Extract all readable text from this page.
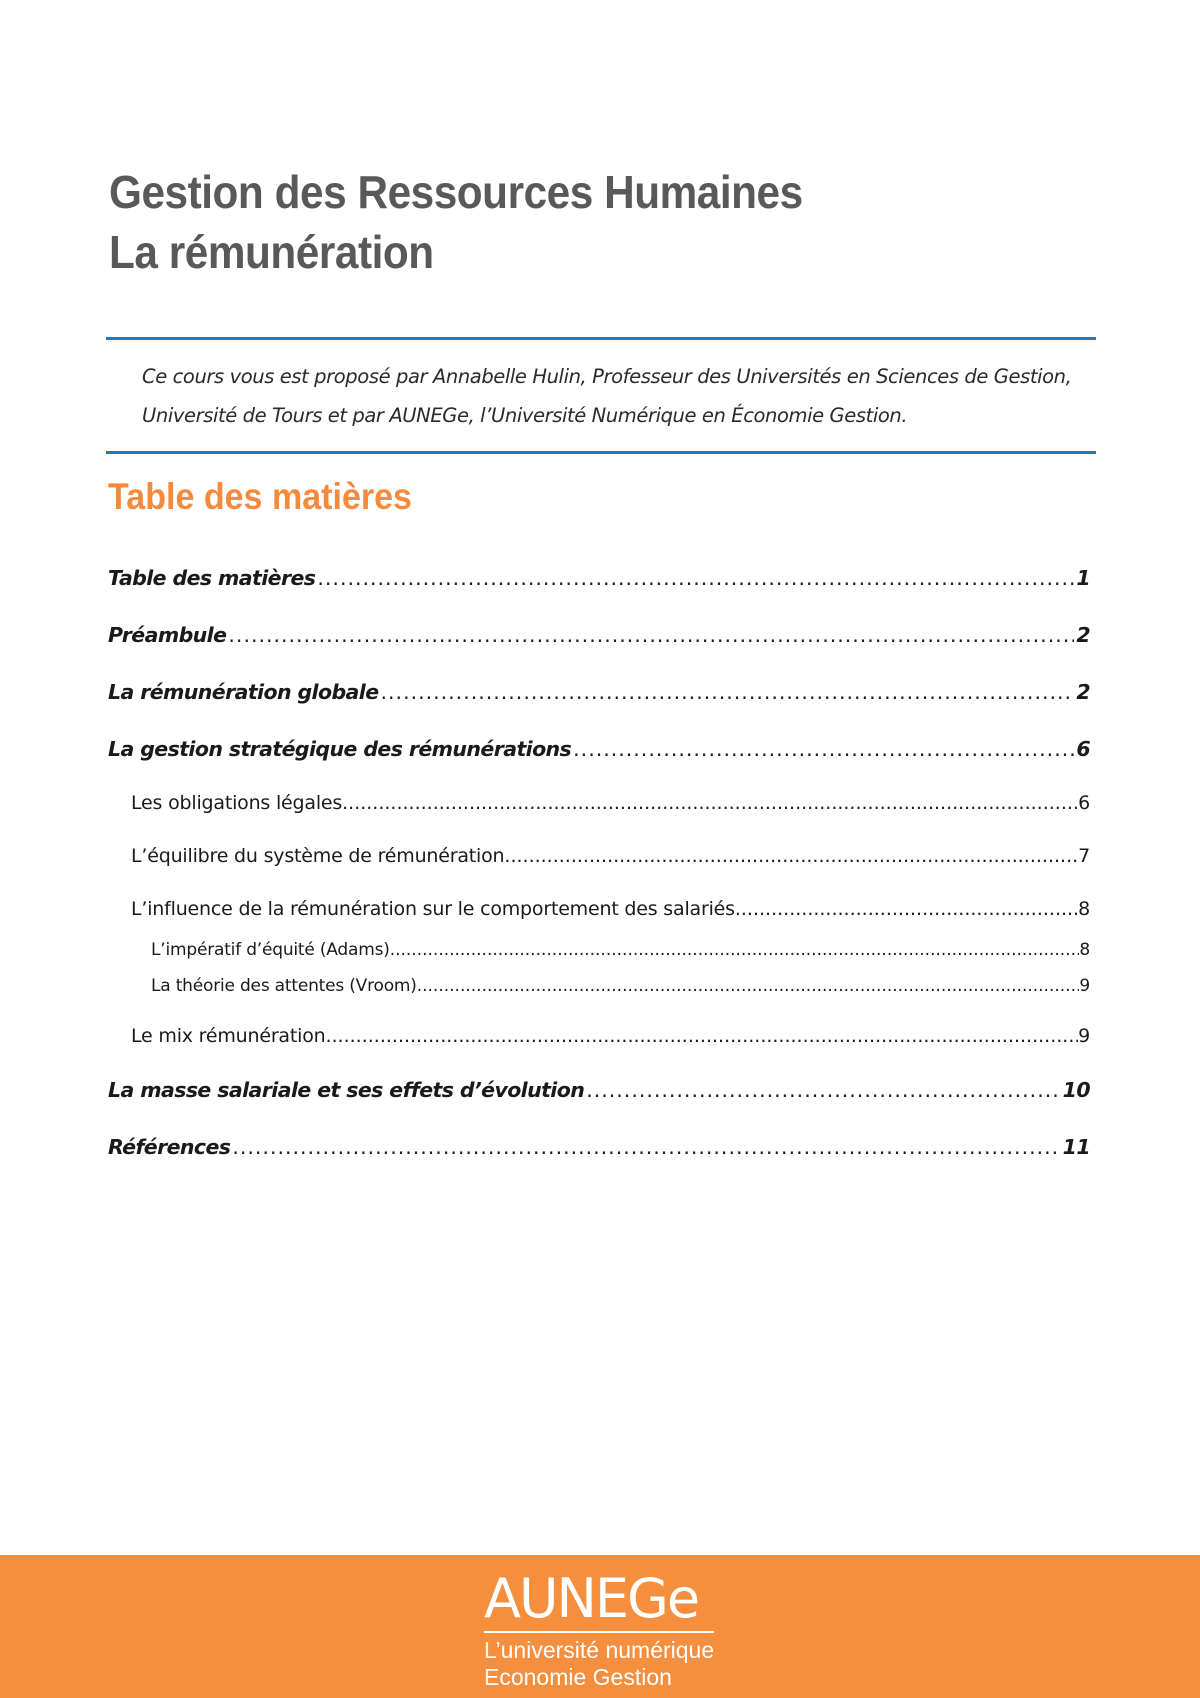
Gestion des Ressources Humaines
La rémunération

Ce cours vous est proposé par Annabelle Hulin, Professeur des Universités en Sciences de Gestion, Université de Tours et par AUNEGe, l’Université Numérique en Économie Gestion.

Table des matières
Table des matières .....	1
Préambule .....	2
La rémunération globale .....	2
La gestion stratégique des rémunérations .....	6
Les obligations légales .....	6
L’équilibre du système de rémunération .....	7
L’influence de la rémunération sur le comportement des salariés .....	8
L’impératif d’équité (Adams) .....	8
La théorie des attentes (Vroom) .....	9
Le mix rémunération .....	9
La masse salariale et ses effets d’évolution .....	10
Références .....	11
AUNEGe
L’université numérique
Economie Gestion
